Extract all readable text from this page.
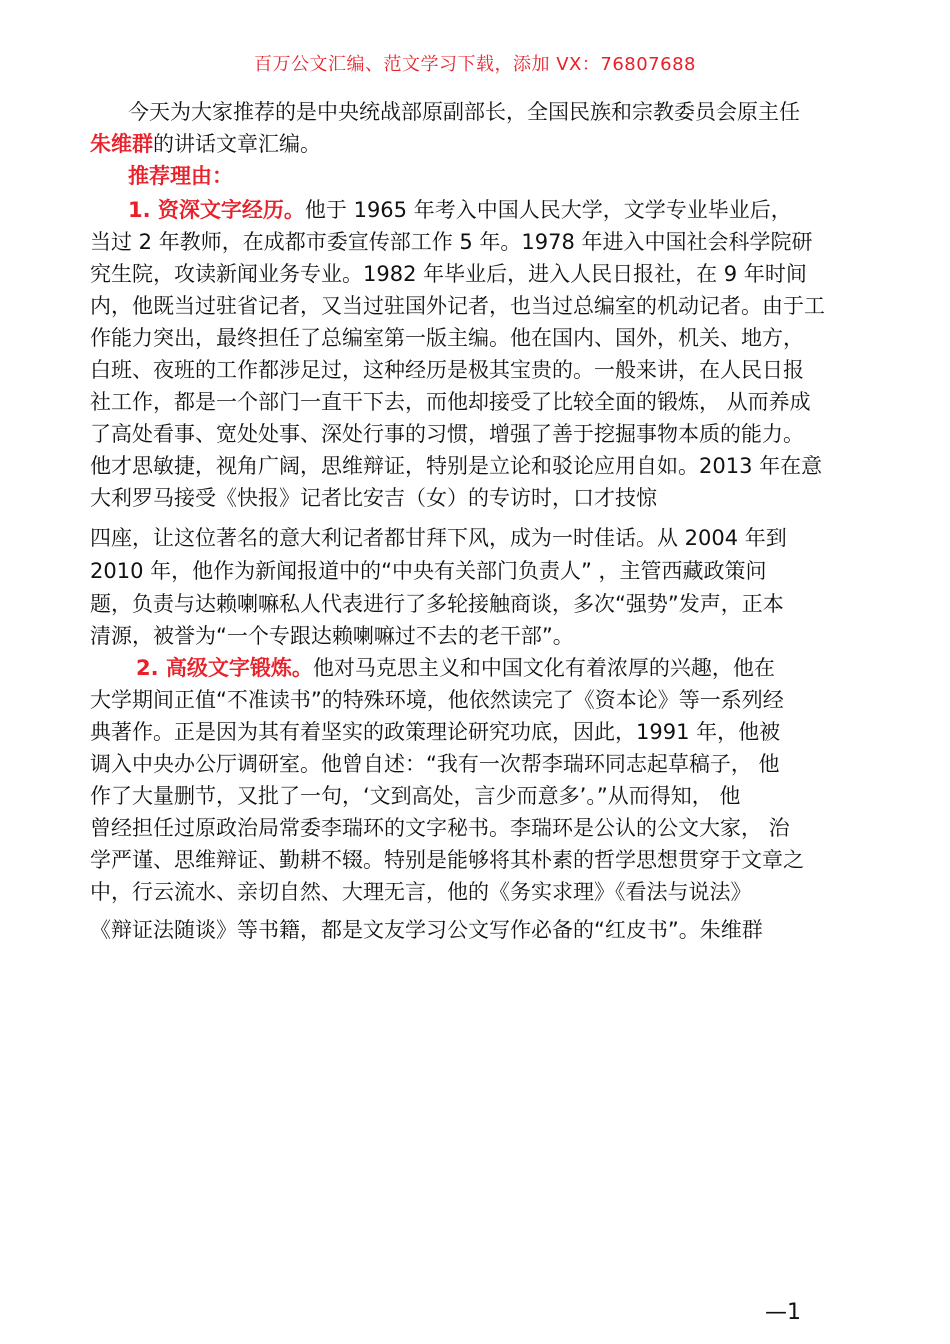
百万公文汇编、范文学习下载，添加 VX：76807688
今天为大家推荐的是中央统战部原副部长，全国民族和宗教委员会原主任
朱维群的讲话文章汇编。
推荐理由：
1. 资深文字经历。他于 1965 年考入中国人民大学，文学专业毕业后，
当过 2 年教师，在成都市委宣传部工作 5 年。1978 年进入中国社会科学院研
究生院，攻读新闻业务专业。1982 年毕业后，进入人民日报社，在 9 年时间
内，他既当过驻省记者，又当过驻国外记者，也当过总编室的机动记者。由于工
作能力突出，最终担任了总编室第一版主编。他在国内、国外，机关、地方，
白班、夜班的工作都涉足过，这种经历是极其宝贵的。一般来讲，在人民日报
社工作，都是一个部门一直干下去，而他却接受了比较全面的锻炼， 从而养成
了高处看事、宽处处事、深处行事的习惯，增强了善于挖掘事物本质的能力。
他才思敏捷，视角广阔，思维辩证，特别是立论和驳论应用自如。2013 年在意
大利罗马接受《快报》记者比安吉（女）的专访时，口才技惊
四座，让这位著名的意大利记者都甘拜下风，成为一时佳话。从 2004 年到
2010 年，他作为新闻报道中的“中央有关部门负责人” ，主管西藏政策问
题，负责与达赖喇嘛私人代表进行了多轮接触商谈，多次“强势”发声，正本
清源，被誉为“一个专跟达赖喇嘛过不去的老干部”。
2. 高级文字锻炼。他对马克思主义和中国文化有着浓厚的兴趣，他在
大学期间正值“不准读书”的特殊环境，他依然读完了《资本论》等一系列经
典著作。正是因为其有着坚实的政策理论研究功底，因此，1991 年，他被
调入中央办公厅调研室。他曾自述：“我有一次帮李瑞环同志起草稿子， 他
作了大量删节，又批了一句，‘文到高处，言少而意多’。”从而得知， 他
曾经担任过原政治局常委李瑞环的文字秘书。李瑞环是公认的公文大家， 治
学严谨、思维辩证、勤耕不辍。特别是能够将其朴素的哲学思想贯穿于文章之
中，行云流水、亲切自然、大理无言，他的《务实求理》《看法与说法》
《辩证法随谈》等书籍，都是文友学习公文写作必备的“红皮书”。朱维群
—1
